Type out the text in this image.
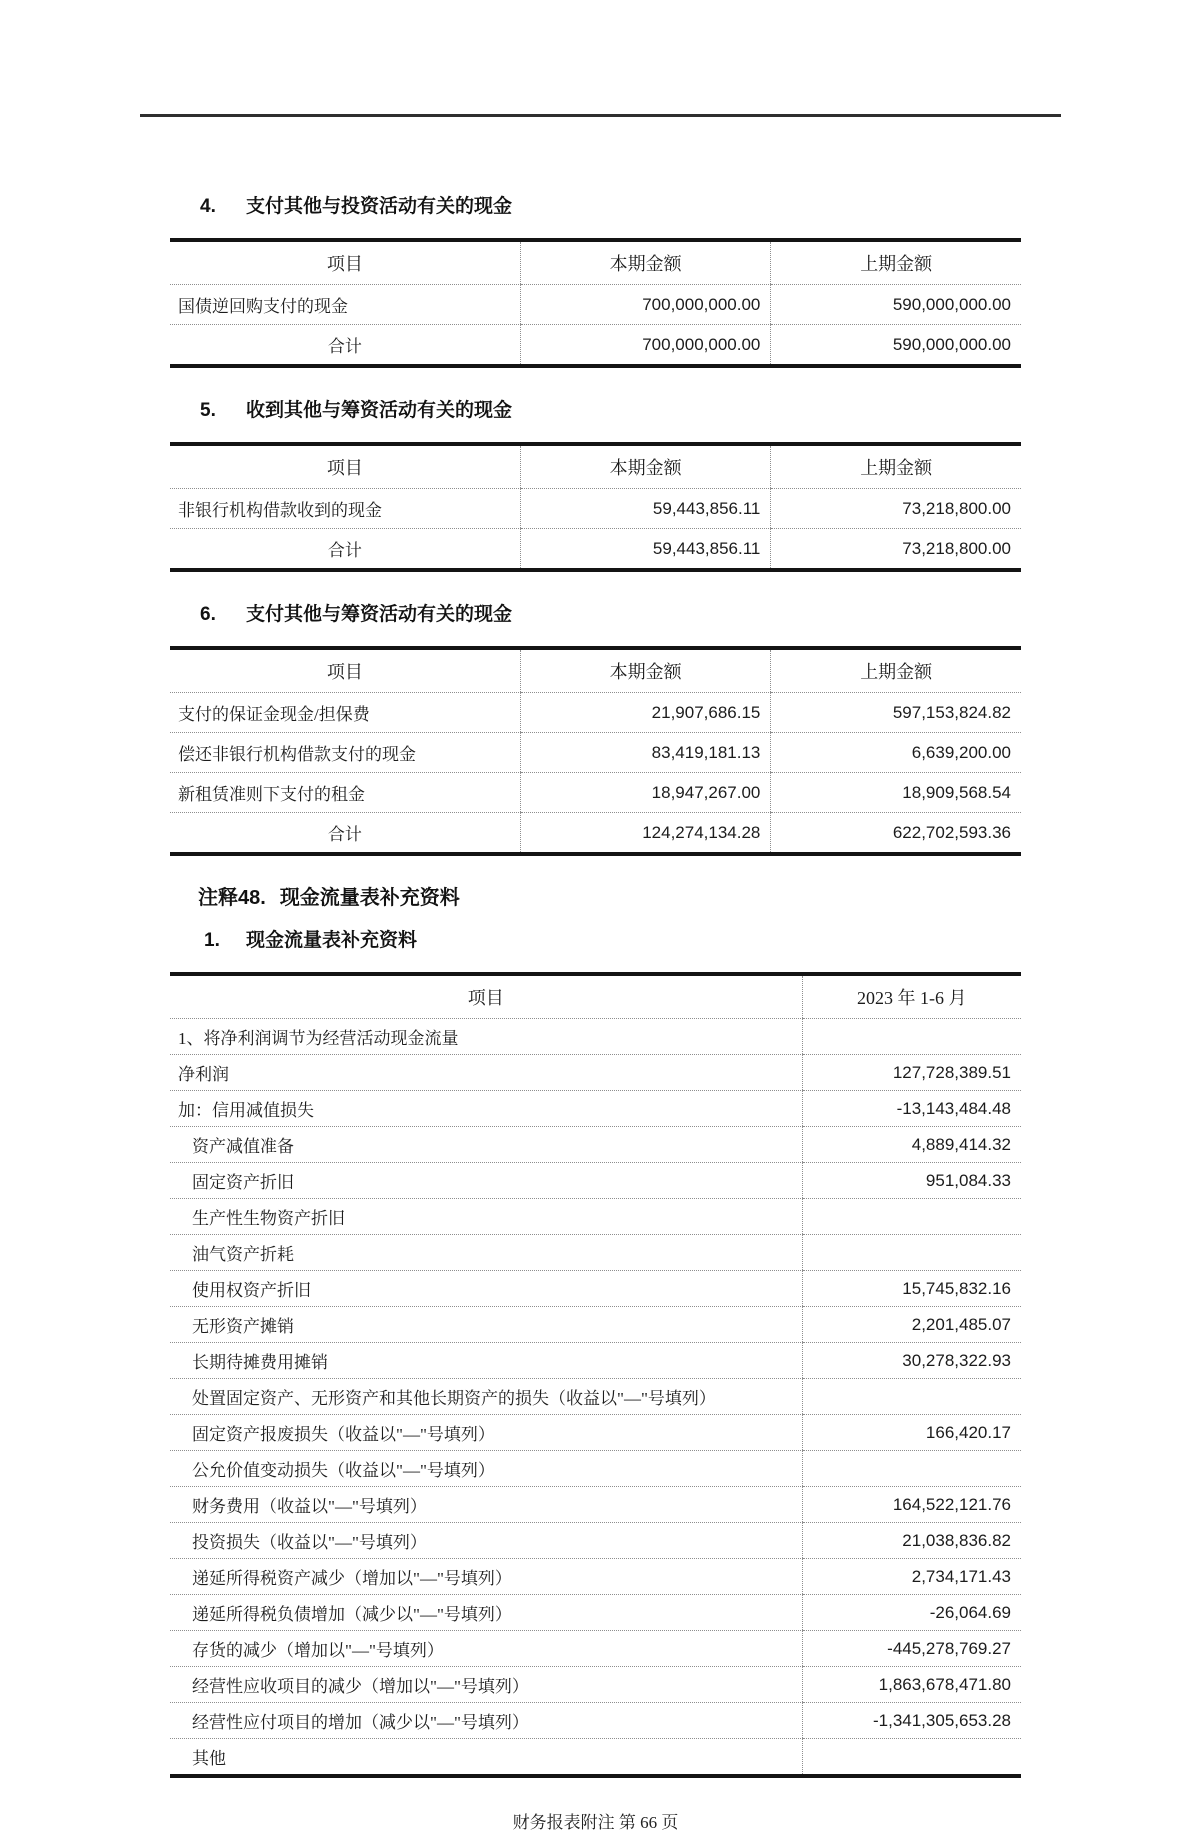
4.	支付其他与投资活动有关的现金
项目	本期金额	上期金额
国债逆回购支付的现金	700,000,000.00	590,000,000.00
合计	700,000,000.00	590,000,000.00
5.	收到其他与筹资活动有关的现金
项目	本期金额	上期金额
非银行机构借款收到的现金	59,443,856.11	73,218,800.00
合计	59,443,856.11	73,218,800.00
6.	支付其他与筹资活动有关的现金
项目	本期金额	上期金额
支付的保证金现金/担保费	21,907,686.15	597,153,824.82
偿还非银行机构借款支付的现金	83,419,181.13	6,639,200.00
新租赁准则下支付的租金	18,947,267.00	18,909,568.54
合计	124,274,134.28	622,702,593.36
注释48. 现金流量表补充资料
1.	现金流量表补充资料
项目	2023 年 1-6 月
1、将净利润调节为经营活动现金流量	
净利润	127,728,389.51
加：信用减值损失	-13,143,484.48
资产减值准备	4,889,414.32
固定资产折旧	951,084.33
生产性生物资产折旧	
油气资产折耗	
使用权资产折旧	15,745,832.16
无形资产摊销	2,201,485.07
长期待摊费用摊销	30,278,322.93
处置固定资产、无形资产和其他长期资产的损失（收益以"—"号填列）	
固定资产报废损失（收益以"—"号填列）	166,420.17
公允价值变动损失（收益以"—"号填列）	
财务费用（收益以"—"号填列）	164,522,121.76
投资损失（收益以"—"号填列）	21,038,836.82
递延所得税资产减少（增加以"—"号填列）	2,734,171.43
递延所得税负债增加（减少以"—"号填列）	-26,064.69
存货的减少（增加以"—"号填列）	-445,278,769.27
经营性应收项目的减少（增加以"—"号填列）	1,863,678,471.80
经营性应付项目的增加（减少以"—"号填列）	-1,341,305,653.28
其他	
财务报表附注 第 66 页
